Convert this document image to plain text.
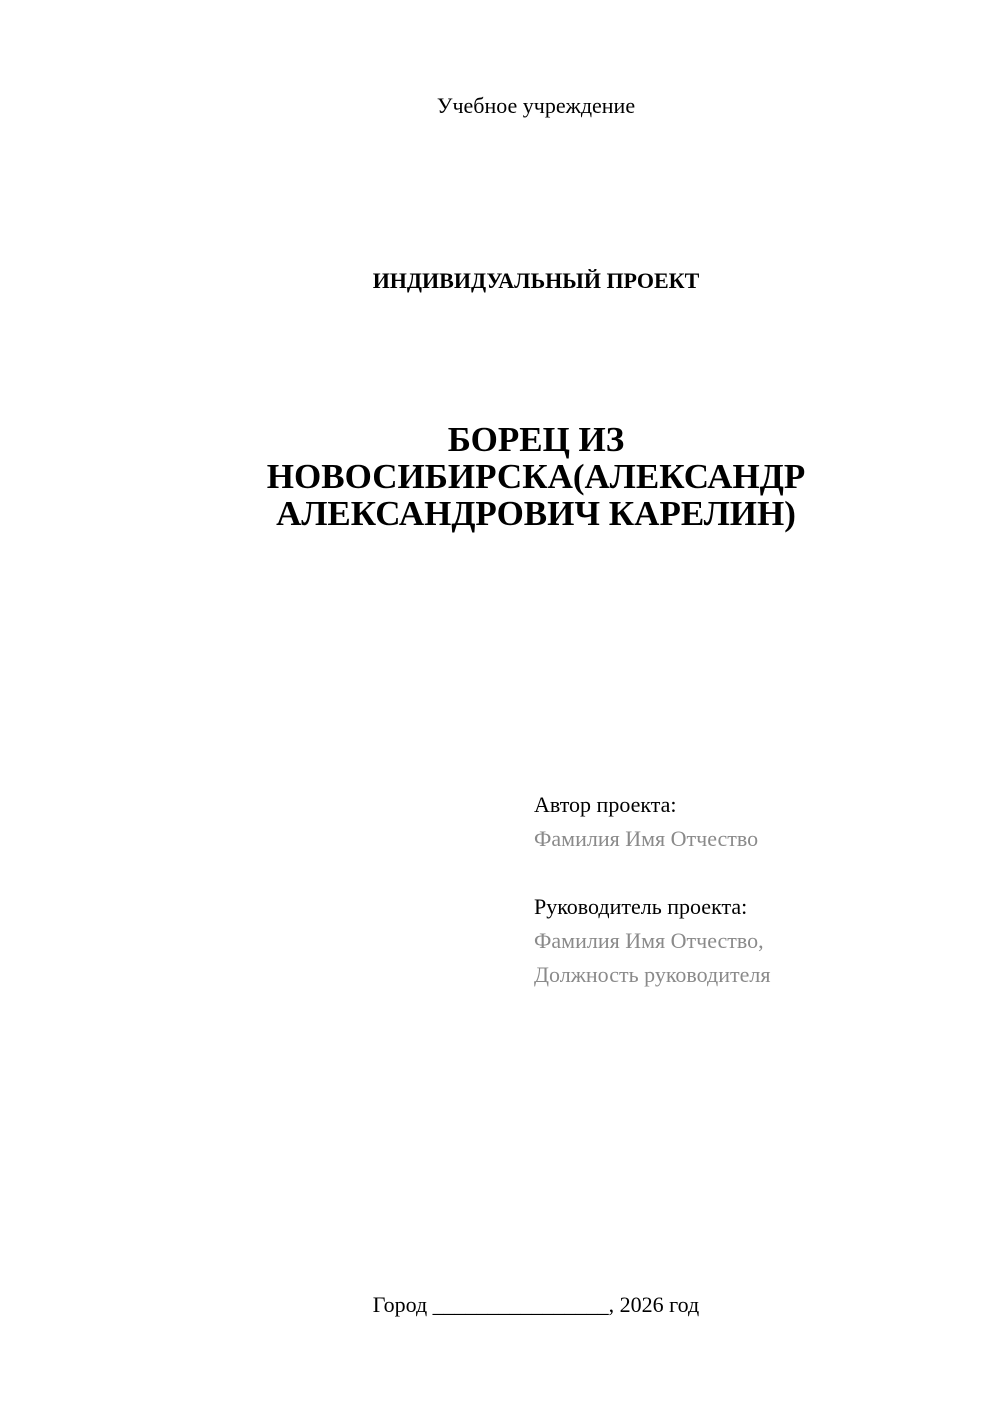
Учебное учреждение
ИНДИВИДУАЛЬНЫЙ ПРОЕКТ
БОРЕЦ ИЗ
НОВОСИБИРСКА(АЛЕКСАНДР
АЛЕКСАНДРОВИЧ КАРЕЛИН)
Автор проекта:
Фамилия Имя Отчество
Руководитель проекта:
Фамилия Имя Отчество,
Должность руководителя
Город ________________, 2026 год
